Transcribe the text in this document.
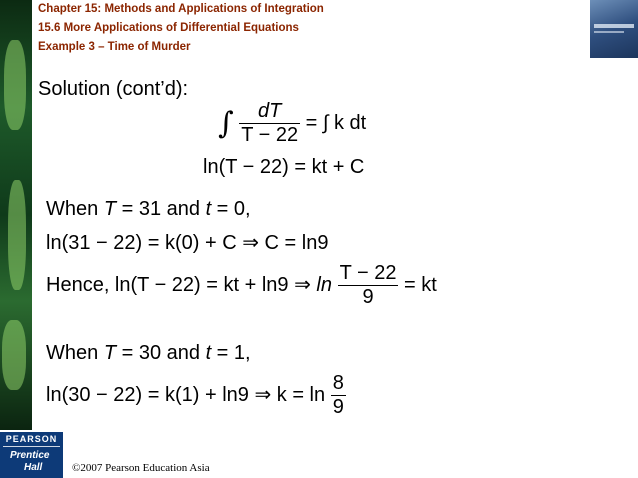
Chapter 15: Methods and Applications of Integration
15.6 More Applications of Differential Equations
Example 3 – Time of Murder
Solution (cont’d):
∫ $\frac{dT}{T - 22}$ = ∫ k dt
ln(T − 22) = kt + C
When T = 31 and t = 0,
ln(31 − 22) = k(0) + C ⇒ C = ln9
Hence, ln(T − 22) = kt + ln9 ⇒ $\ln \frac{T - 22}{9}$ = kt
When T = 30 and t = 1,
ln(30 − 22) = k(1) + ln9 ⇒ $k = \ln \frac{8}{9}$
PEARSON
Prentice
Hall	©2007 Pearson Education Asia
